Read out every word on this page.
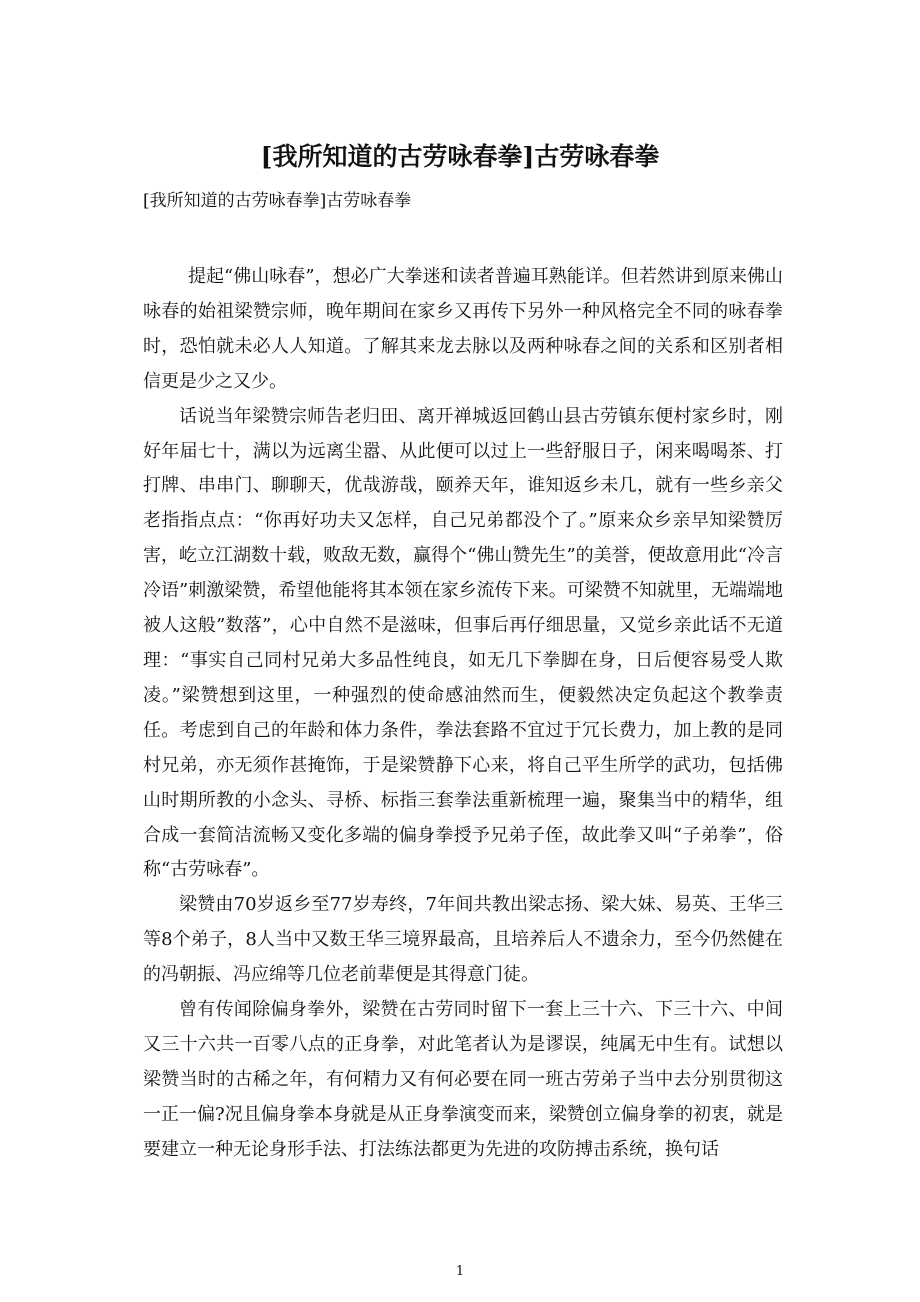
[我所知道的古劳咏春拳]古劳咏春拳

[我所知道的古劳咏春拳]古劳咏春拳

提起“佛山咏春”，想必广大拳迷和读者普遍耳熟能详。但若然讲到原来佛山咏春的始祖梁赞宗师，晚年期间在家乡又再传下另外一种风格完全不同的咏春拳时，恐怕就未必人人知道。了解其来龙去脉以及两种咏春之间的关系和区别者相信更是少之又少。

话说当年梁赞宗师告老归田、离开禅城返回鹤山县古劳镇东便村家乡时，刚好年届七十，满以为远离尘嚣、从此便可以过上一些舒服日子，闲来喝喝茶、打打牌、串串门、聊聊天，优哉游哉，颐养天年，谁知返乡未几，就有一些乡亲父老指指点点：“你再好功夫又怎样，自己兄弟都没个了。”原来众乡亲早知梁赞厉害，屹立江湖数十载，败敌无数，赢得个“佛山赞先生”的美誉，便故意用此“冷言冷语”刺激梁赞，希望他能将其本领在家乡流传下来。可梁赞不知就里，无端端地被人这般”数落”，心中自然不是滋味，但事后再仔细思量，又觉乡亲此话不无道理：“事实自己同村兄弟大多品性纯良，如无几下拳脚在身，日后便容易受人欺凌。”梁赞想到这里，一种强烈的使命感油然而生，便毅然决定负起这个教拳责任。考虑到自己的年龄和体力条件，拳法套路不宜过于冗长费力，加上教的是同村兄弟，亦无须作甚掩饰，于是梁赞静下心来，将自己平生所学的武功，包括佛山时期所教的小念头、寻桥、标指三套拳法重新梳理一遍，聚集当中的精华，组合成一套简洁流畅又变化多端的偏身拳授予兄弟子侄，故此拳又叫“子弟拳”，俗称“古劳咏春”。

梁赞由70岁返乡至77岁寿终，7年间共教出梁志扬、梁大妹、易英、王华三等8个弟子，8人当中又数王华三境界最高，且培养后人不遗余力，至今仍然健在的冯朝振、冯应绵等几位老前辈便是其得意门徒。

曾有传闻除偏身拳外，梁赞在古劳同时留下一套上三十六、下三十六、中间又三十六共一百零八点的正身拳，对此笔者认为是谬误，纯属无中生有。试想以梁赞当时的古稀之年，有何精力又有何必要在同一班古劳弟子当中去分别贯彻这一正一偏?况且偏身拳本身就是从正身拳演变而来，梁赞创立偏身拳的初衷，就是要建立一种无论身形手法、打法练法都更为先进的攻防搏击系统，换句话

1
